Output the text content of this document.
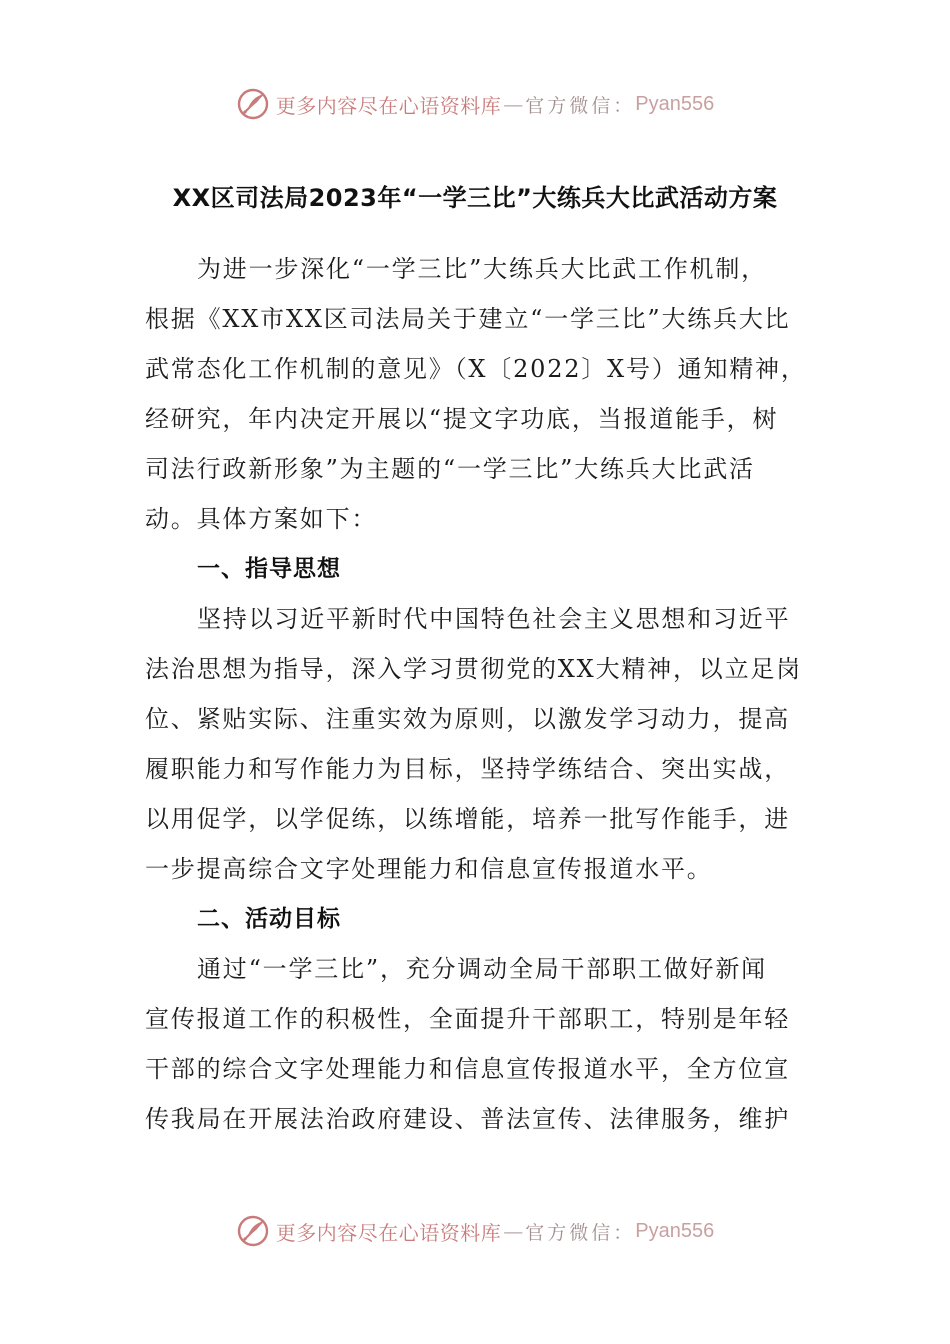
更多内容尽在心语资料库 — 官方微信： Pyan556
XX区司法局2023年“一学三比”大练兵大比武活动方案
为进一步深化“一学三比”大练兵大比武工作机制，
根据《XX市XX区司法局关于建立“一学三比”大练兵大比
武常态化工作机制的意见》（X〔2022〕X号）通知精神，
经研究，年内决定开展以“提文字功底，当报道能手，树
司法行政新形象”为主题的“一学三比”大练兵大比武活
动。具体方案如下：
一、指导思想
坚持以习近平新时代中国特色社会主义思想和习近平
法治思想为指导，深入学习贯彻党的XX大精神，以立足岗
位、紧贴实际、注重实效为原则，以激发学习动力，提高
履职能力和写作能力为目标，坚持学练结合、突出实战，
以用促学，以学促练，以练增能，培养一批写作能手，进
一步提高综合文字处理能力和信息宣传报道水平。
二、活动目标
通过“一学三比”，充分调动全局干部职工做好新闻
宣传报道工作的积极性，全面提升干部职工，特别是年轻
干部的综合文字处理能力和信息宣传报道水平，全方位宣
传我局在开展法治政府建设、普法宣传、法律服务，维护
更多内容尽在心语资料库 — 官方微信： Pyan556
